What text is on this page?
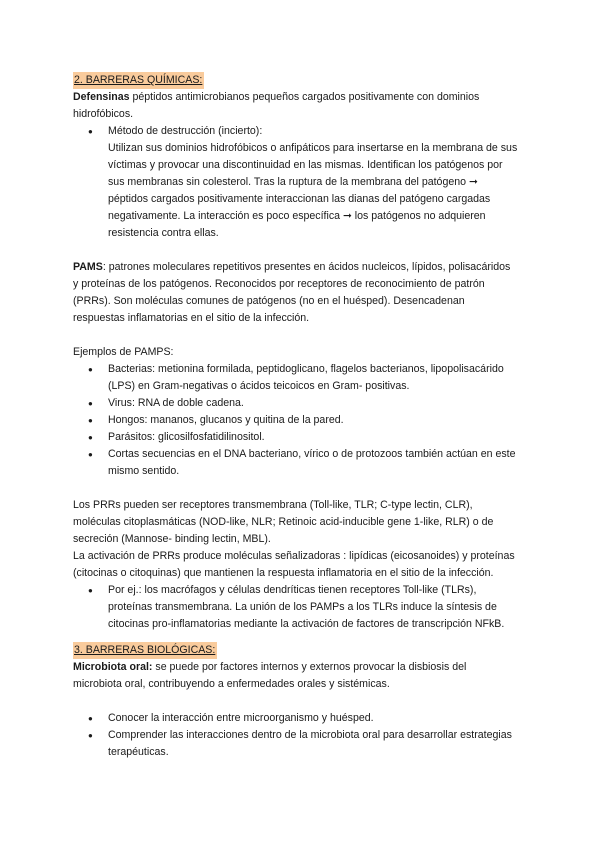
2. BARRERAS QUÍMICAS:

Defensinas péptidos antimicrobianos pequeños cargados positivamente con dominios hidrofóbicos.

● Método de destrucción (incierto):
Utilizan sus dominios hidrofóbicos o anfipáticos para insertarse en la membrana de sus víctimas y provocar una discontinuidad en las mismas. Identifican los patógenos por sus membranas sin colesterol. Tras la ruptura de la membrana del patógeno ➞ péptidos cargados positivamente interaccionan las dianas del patógeno cargadas negativamente. La interacción es poco específica ➞ los patógenos no adquieren resistencia contra ellas.

PAMS: patrones moleculares repetitivos presentes en ácidos nucleicos, lípidos, polisacáridos y proteínas de los patógenos. Reconocidos por receptores de reconocimiento de patrón (PRRs). Son moléculas comunes de patógenos (no en el huésped). Desencadenan respuestas inflamatorias en el sitio de la infección.

Ejemplos de PAMPS:

● Bacterias: metionina formilada, peptidoglicano, flagelos bacterianos, lipopolisacárido (LPS) en Gram-negativas o ácidos teicoicos en Gram- positivas.
● Virus: RNA de doble cadena.
● Hongos: mananos, glucanos y quitina de la pared.
● Parásitos: glicosilfosfatidilinositol.
● Cortas secuencias en el DNA bacteriano, vírico o de protozoos también actúan en este mismo sentido.

Los PRRs pueden ser receptores transmembrana (Toll-like, TLR; C-type lectin, CLR), moléculas citoplasmáticas (NOD-like, NLR; Retinoic acid-inducible gene 1-like, RLR) o de secreción (Mannose- binding lectin, MBL).

La activación de PRRs produce moléculas señalizadoras : lipídicas (eicosanoides) y proteínas (citocinas o citoquinas) que mantienen la respuesta inflamatoria en el sitio de la infección.

● Por ej.: los macrófagos y células dendríticas tienen receptores Toll-like (TLRs), proteínas transmembrana. La unión de los PAMPs a los TLRs induce la síntesis de citocinas pro-inflamatorias mediante la activación de factores de transcripción NFkB.

3. BARRERAS BIOLÓGICAS:

Microbiota oral: se puede por factores internos y externos provocar la disbiosis del microbiota oral, contribuyendo a enfermedades orales y sistémicas.

● Conocer la interacción entre microorganismo y huésped.
● Comprender las interacciones dentro de la microbiota oral para desarrollar estrategias terapéuticas.
